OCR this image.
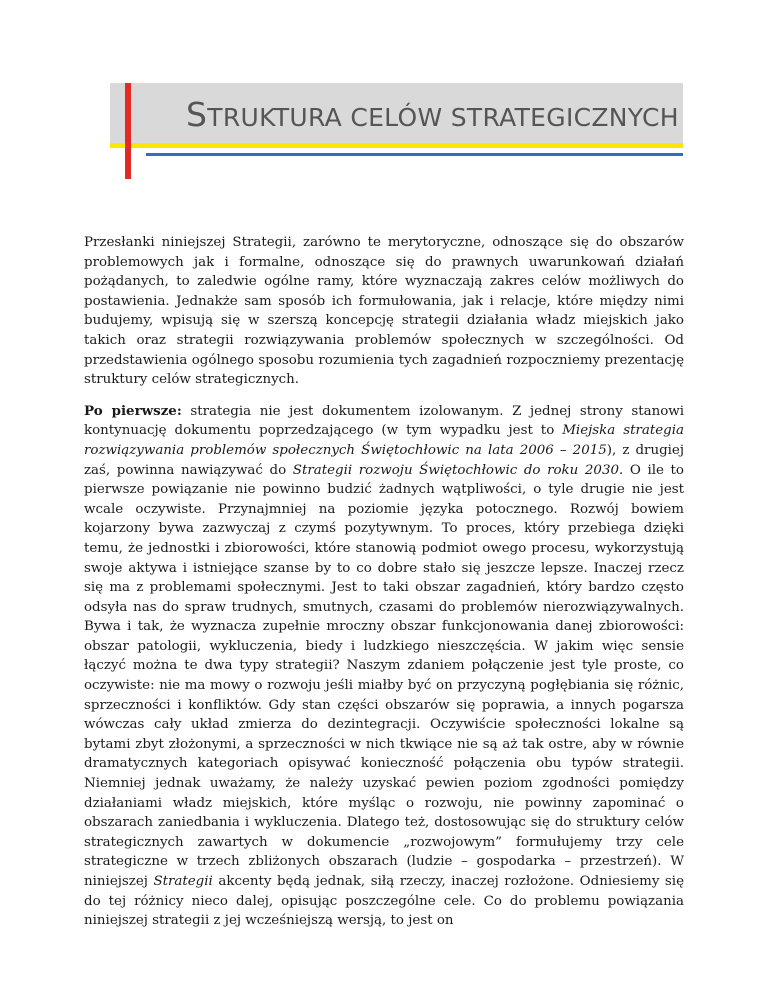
STRUKTURA CELÓW STRATEGICZNYCH

Przesłanki niniejszej Strategii, zarówno te merytoryczne, odnoszące się do obszarów problemowych jak i formalne, odnoszące się do prawnych uwarunkowań działań pożądanych, to zaledwie ogólne ramy, które wyznaczają zakres celów możliwych do postawienia. Jednakże sam sposób ich formułowania, jak i relacje, które między nimi budujemy, wpisują się w szerszą koncepcję strategii działania władz miejskich jako takich oraz strategii rozwiązywania problemów społecznych w szczególności. Od przedstawienia ogólnego sposobu rozumienia tych zagadnień rozpoczniemy prezentację struktury celów strategicznych.

Po pierwsze: strategia nie jest dokumentem izolowanym. Z jednej strony stanowi kontynuację dokumentu poprzedzającego (w tym wypadku jest to Miejska strategia rozwiązywania problemów społecznych Świętochłowic na lata 2006 – 2015), z drugiej zaś, powinna nawiązywać do Strategii rozwoju Świętochłowic do roku 2030. O ile to pierwsze powiązanie nie powinno budzić żadnych wątpliwości, o tyle drugie nie jest wcale oczywiste. Przynajmniej na poziomie języka potocznego. Rozwój bowiem kojarzony bywa zazwyczaj z czymś pozytywnym. To proces, który przebiega dzięki temu, że jednostki i zbiorowości, które stanowią podmiot owego procesu, wykorzystują swoje aktywa i istniejące szanse by to co dobre stało się jeszcze lepsze. Inaczej rzecz się ma z problemami społecznymi. Jest to taki obszar zagadnień, który bardzo często odsyła nas do spraw trudnych, smutnych, czasami do problemów nierozwiązywalnych. Bywa i tak, że wyznacza zupełnie mroczny obszar funkcjonowania danej zbiorowości: obszar patologii, wykluczenia, biedy i ludzkiego nieszczęścia. W jakim więc sensie łączyć można te dwa typy strategii? Naszym zdaniem połączenie jest tyle proste, co oczywiste: nie ma mowy o rozwoju jeśli miałby być on przyczyną pogłębiania się różnic, sprzeczności i konfliktów. Gdy stan części obszarów się poprawia, a innych pogarsza wówczas cały układ zmierza do dezintegracji. Oczywiście społeczności lokalne są bytami zbyt złożonymi, a sprzeczności w nich tkwiące nie są aż tak ostre, aby w równie dramatycznych kategoriach opisywać konieczność połączenia obu typów strategii. Niemniej jednak uważamy, że należy uzyskać pewien poziom zgodności pomiędzy działaniami władz miejskich, które myśląc o rozwoju, nie powinny zapominać o obszarach zaniedbania i wykluczenia. Dlatego też, dostosowując się do struktury celów strategicznych zawartych w dokumencie „rozwojowym” formułujemy trzy cele strategiczne w trzech zbliżonych obszarach (ludzie – gospodarka – przestrzeń). W niniejszej Strategii akcenty będą jednak, siłą rzeczy, inaczej rozłożone. Odniesiemy się do tej różnicy nieco dalej, opisując poszczególne cele. Co do problemu powiązania niniejszej strategii z jej wcześniejszą wersją, to jest on
